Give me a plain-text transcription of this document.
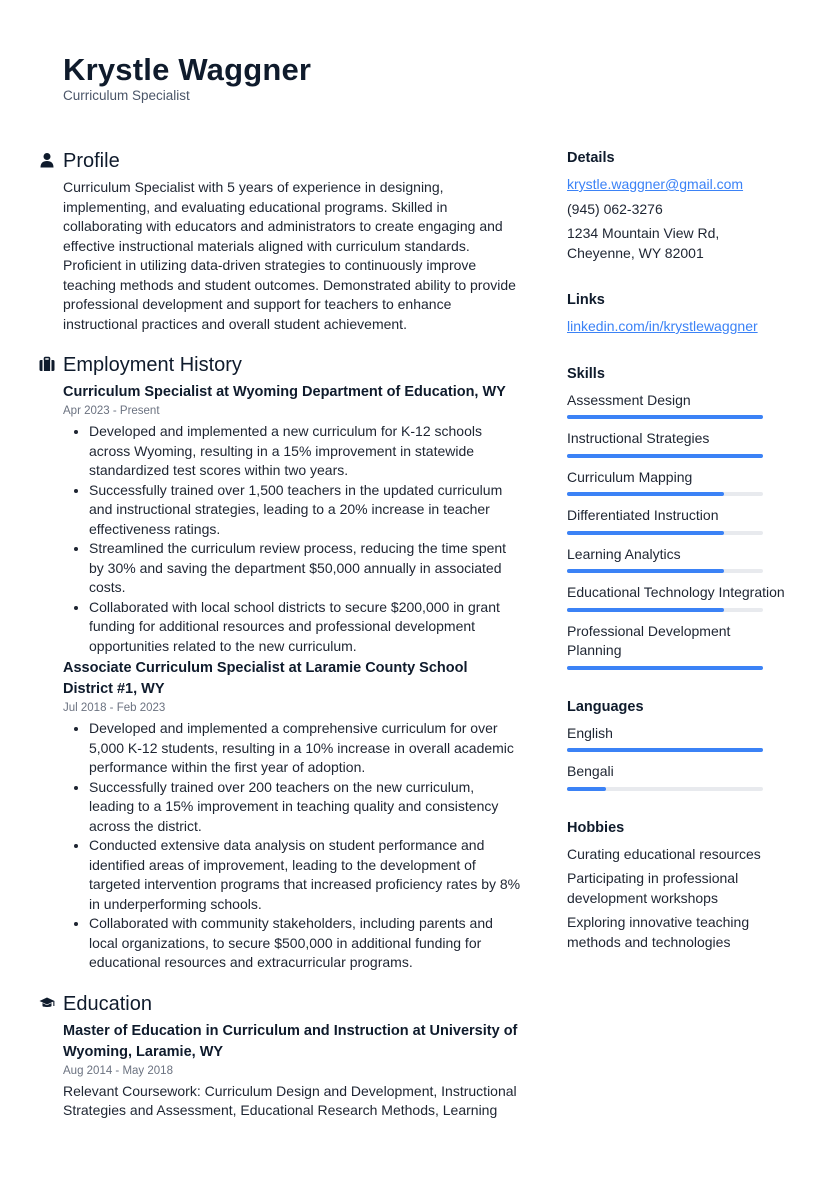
Krystle Waggner
Curriculum Specialist
Profile

Curriculum Specialist with 5 years of experience in designing, implementing, and evaluating educational programs. Skilled in collaborating with educators and administrators to create engaging and effective instructional materials aligned with curriculum standards. Proficient in utilizing data-driven strategies to continuously improve teaching methods and student outcomes. Demonstrated ability to provide professional development and support for teachers to enhance instructional practices and overall student achievement.

Employment History
Curriculum Specialist at Wyoming Department of Education, WY
Apr 2023 - Present
• Developed and implemented a new curriculum for K-12 schools across Wyoming, resulting in a 15% improvement in statewide standardized test scores within two years.
• Successfully trained over 1,500 teachers in the updated curriculum and instructional strategies, leading to a 20% increase in teacher effectiveness ratings.
• Streamlined the curriculum review process, reducing the time spent by 30% and saving the department $50,000 annually in associated costs.
• Collaborated with local school districts to secure $200,000 in grant funding for additional resources and professional development opportunities related to the new curriculum.
Associate Curriculum Specialist at Laramie County School District #1, WY
Jul 2018 - Feb 2023
• Developed and implemented a comprehensive curriculum for over 5,000 K-12 students, resulting in a 10% increase in overall academic performance within the first year of adoption.
• Successfully trained over 200 teachers on the new curriculum, leading to a 15% improvement in teaching quality and consistency across the district.
• Conducted extensive data analysis on student performance and identified areas of improvement, leading to the development of targeted intervention programs that increased proficiency rates by 8% in underperforming schools.
• Collaborated with community stakeholders, including parents and local organizations, to secure $500,000 in additional funding for educational resources and extracurricular programs.
Education
Master of Education in Curriculum and Instruction at University of Wyoming, Laramie, WY
Aug 2014 - May 2018

Relevant Coursework: Curriculum Design and Development, Instructional Strategies and Assessment, Educational Research Methods, Learning

Details
krystle.waggner@gmail.com
(945) 062-3276
1234 Mountain View Rd, Cheyenne, WY 82001
Links
linkedin.com/in/krystlewaggner
Skills
Assessment Design
Instructional Strategies
Curriculum Mapping
Differentiated Instruction
Learning Analytics
Educational Technology Integration
Professional Development Planning
Languages
English
Bengali
Hobbies
Curating educational resources
Participating in professional development workshops
Exploring innovative teaching methods and technologies
